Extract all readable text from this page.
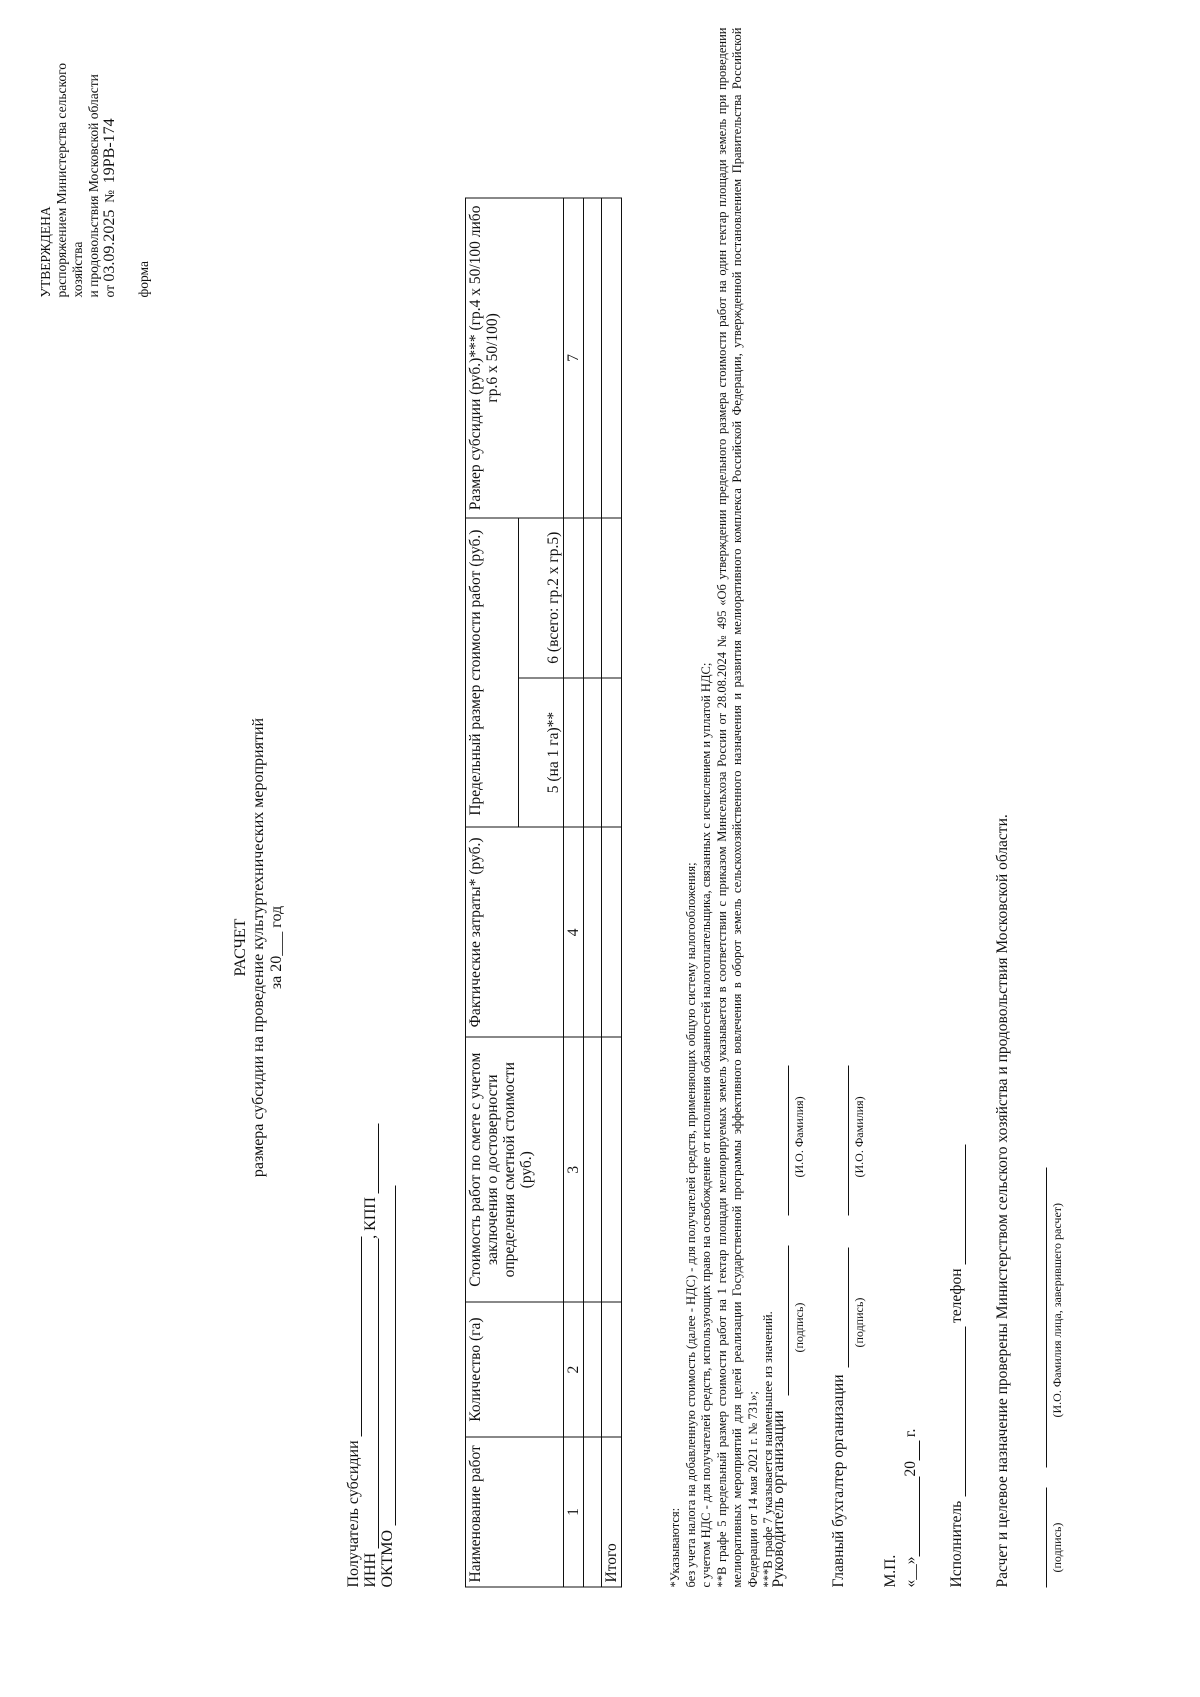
УТВЕРЖДЕНА распоряжением Министерства сельского хозяйства и продовольствия Московской области от 03.09.2025  №  19РВ-174
форма
РАСЧЕТ размера субсидии на проведение культуртехнических мероприятий за 20___ год
Получатель субсидии ИНН , КПП
ОКТМО	Наименование работ	Количество (га)	Стоимость работ по смете с учетом заключения о достоверности определения сметной стоимости (руб.)	Фактические затраты* (руб.)	Предельный размер стоимости работ (руб.)		Размер субсидии (руб.)*** (гр.4 х 50/100 либо гр.6 х 50/100)
				5 (на 1 га)**	6 (всего: гр.2 х гр.5)	
1	2	3	4			7

Итого							*Указываются: без учета налога на добавленную стоимость (далее - НДС) - для получателей средств, применяющих общую систему налогообложения; с учетом НДС - для получателей средств, использующих право на освобождение от исполнения обязанностей налогоплательщика, связанных с исчислением и уплатой НДС; **В графе 5 предельный размер стоимости работ на 1 гектар площади мелиорируемых земель указывается в соответствии с приказом Минсельхоза России от 28.08.2024 № 495 «Об утверждении предельного размера стоимости работ на один гектар площади земель при проведении мелиоративных мероприятий для целей реализации Государственной программы эффективного вовлечения в оборот земель сельскохозяйственного назначения и развития мелиоративного комплекса Российской Федерации, утвержденной постановлением Правительства Российской Федерации от 14 мая 2021 г. № 731»; ***В графе 7 указывается наименьшее из значений.
Руководитель организации
(подпись)
(И.О. Фамилия)
Главный бухгалтер организации
(подпись)
(И.О. Фамилия)
М.П. «__»20 г.
Исполнитель  телефон Расчет и целевое назначение проверены Министерством сельского хозяйства и продовольствия Московской области.	(подпись)
(И.О. Фамилия лица, заверившего расчет)
